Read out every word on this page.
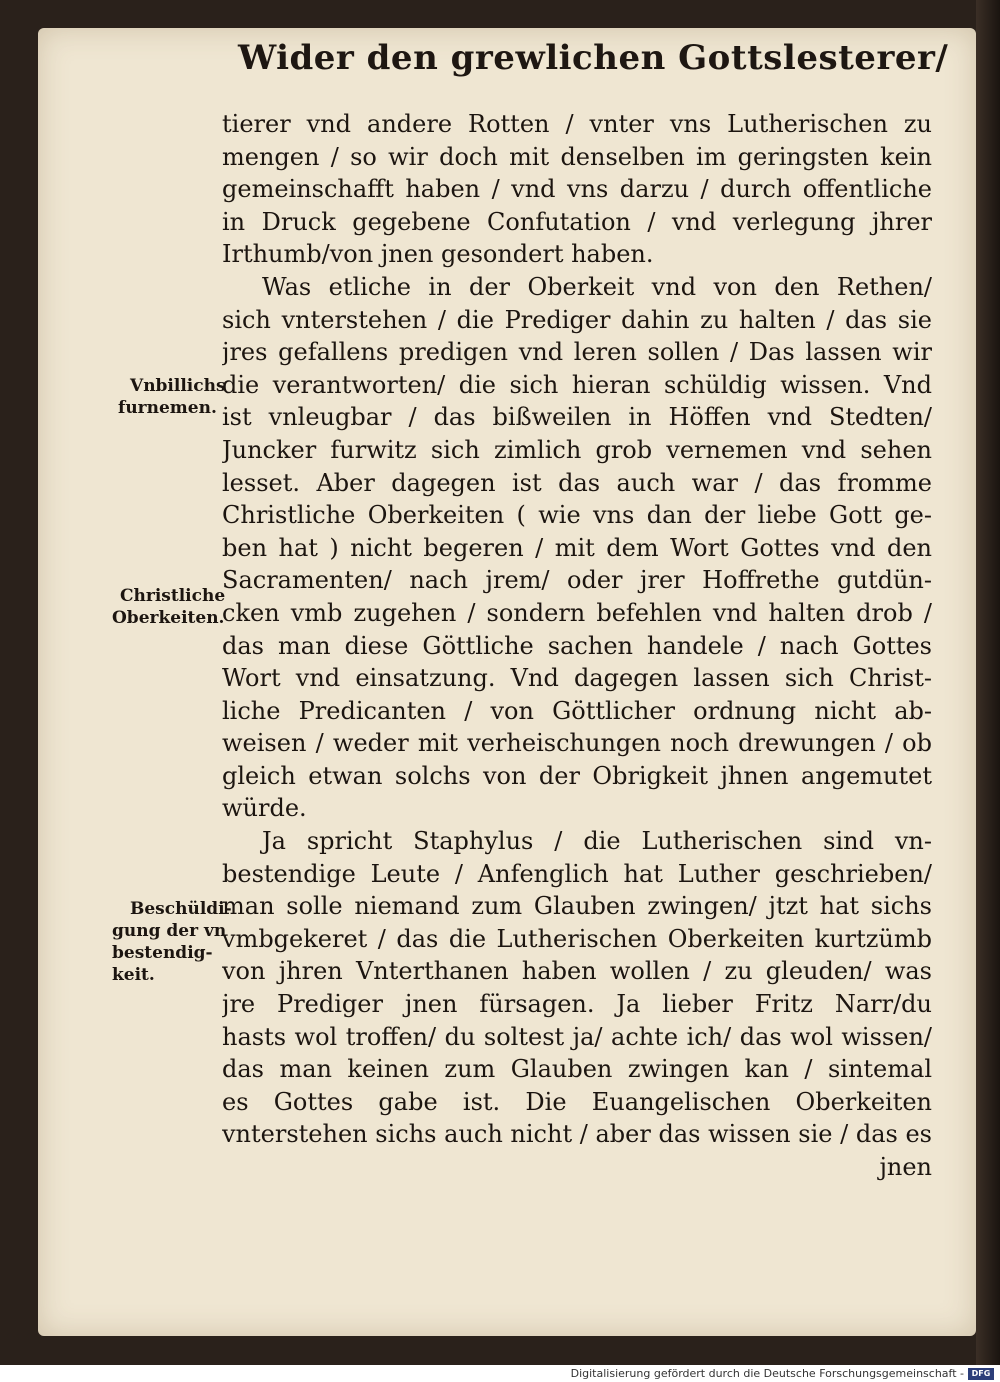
Wider den grewlichen Gottslesterer/
tierer vnd andere Rotten / vnter vns Lutherischen zu
mengen / so wir doch mit denselben im geringsten kein
gemeinschafft haben / vnd vns darzu / durch offentliche
in Druck gegebene Confutation / vnd verlegung jhrer
Irthumb/von jnen gesondert haben.
Was etliche in der Oberkeit vnd von den Rethen/
sich vnterstehen / die Prediger dahin zu halten / das sie
jres gefallens predigen vnd leren sollen / Das lassen wir
die verantworten/ die sich hieran schüldig wissen. Vnd
ist vnleugbar / das bißweilen in Höffen vnd Stedten/
Juncker furwitz sich zimlich grob vernemen vnd sehen
lesset. Aber dagegen ist das auch war / das fromme
Christliche Oberkeiten ( wie vns dan der liebe Gott ge-
ben hat ) nicht begeren / mit dem Wort Gottes vnd den
Sacramenten/ nach jrem/ oder jrer Hoffrethe gutdün-
cken vmb zugehen / sondern befehlen vnd halten drob /
das man diese Göttliche sachen handele / nach Gottes
Wort vnd einsatzung. Vnd dagegen lassen sich Christ-
liche Predicanten / von Göttlicher ordnung nicht ab-
weisen / weder mit verheischungen noch drewungen / ob
gleich etwan solchs von der Obrigkeit jhnen angemutet
würde.
Ja spricht Staphylus / die Lutherischen sind vn-
bestendige Leute / Anfenglich hat Luther geschrieben/
man solle niemand zum Glauben zwingen/ jtzt hat sichs
vmbgekeret / das die Lutherischen Oberkeiten kurtzümb
von jhren Vnterthanen haben wollen / zu gleuden/ was
jre Prediger jnen fürsagen. Ja lieber Fritz Narr/du
hasts wol troffen/ du soltest ja/ achte ich/ das wol wissen/
das man keinen zum Glauben zwingen kan / sintemal
es Gottes gabe ist. Die Euangelischen Oberkeiten
vnterstehen sichs auch nicht / aber das wissen sie / das es
jnen
Vnbillichs
furnemen.
Christliche
Oberkeiten.
Beschüldi-
gung der vn
bestendig-
keit.
Digitalisierung gefördert durch die Deutsche Forschungsgemeinschaft - DFG
